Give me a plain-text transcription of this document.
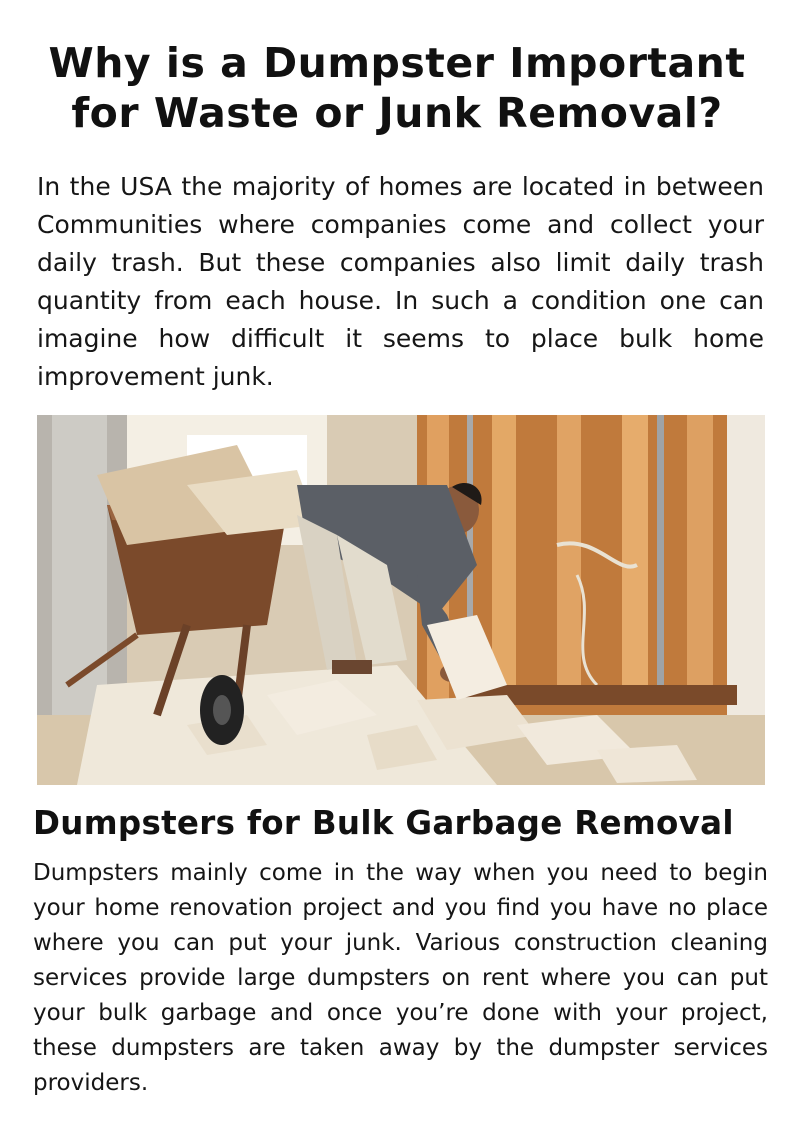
Why is a Dumpster Important for Waste or Junk Removal?

In the USA the majority of homes are located in between Communities where companies come and collect your daily trash. But these companies also limit daily trash quantity from each house. In such a condition one can imagine how difficult it seems to place bulk home improvement junk.

Dumpsters for Bulk Garbage Removal

Dumpsters mainly come in the way when you need to begin your home renovation project and you find you have no place where you can put your junk. Various construction cleaning services provide large dumpsters on rent where you can put your bulk garbage and once you’re done with your project, these dumpsters are taken away by the dumpster services providers.
